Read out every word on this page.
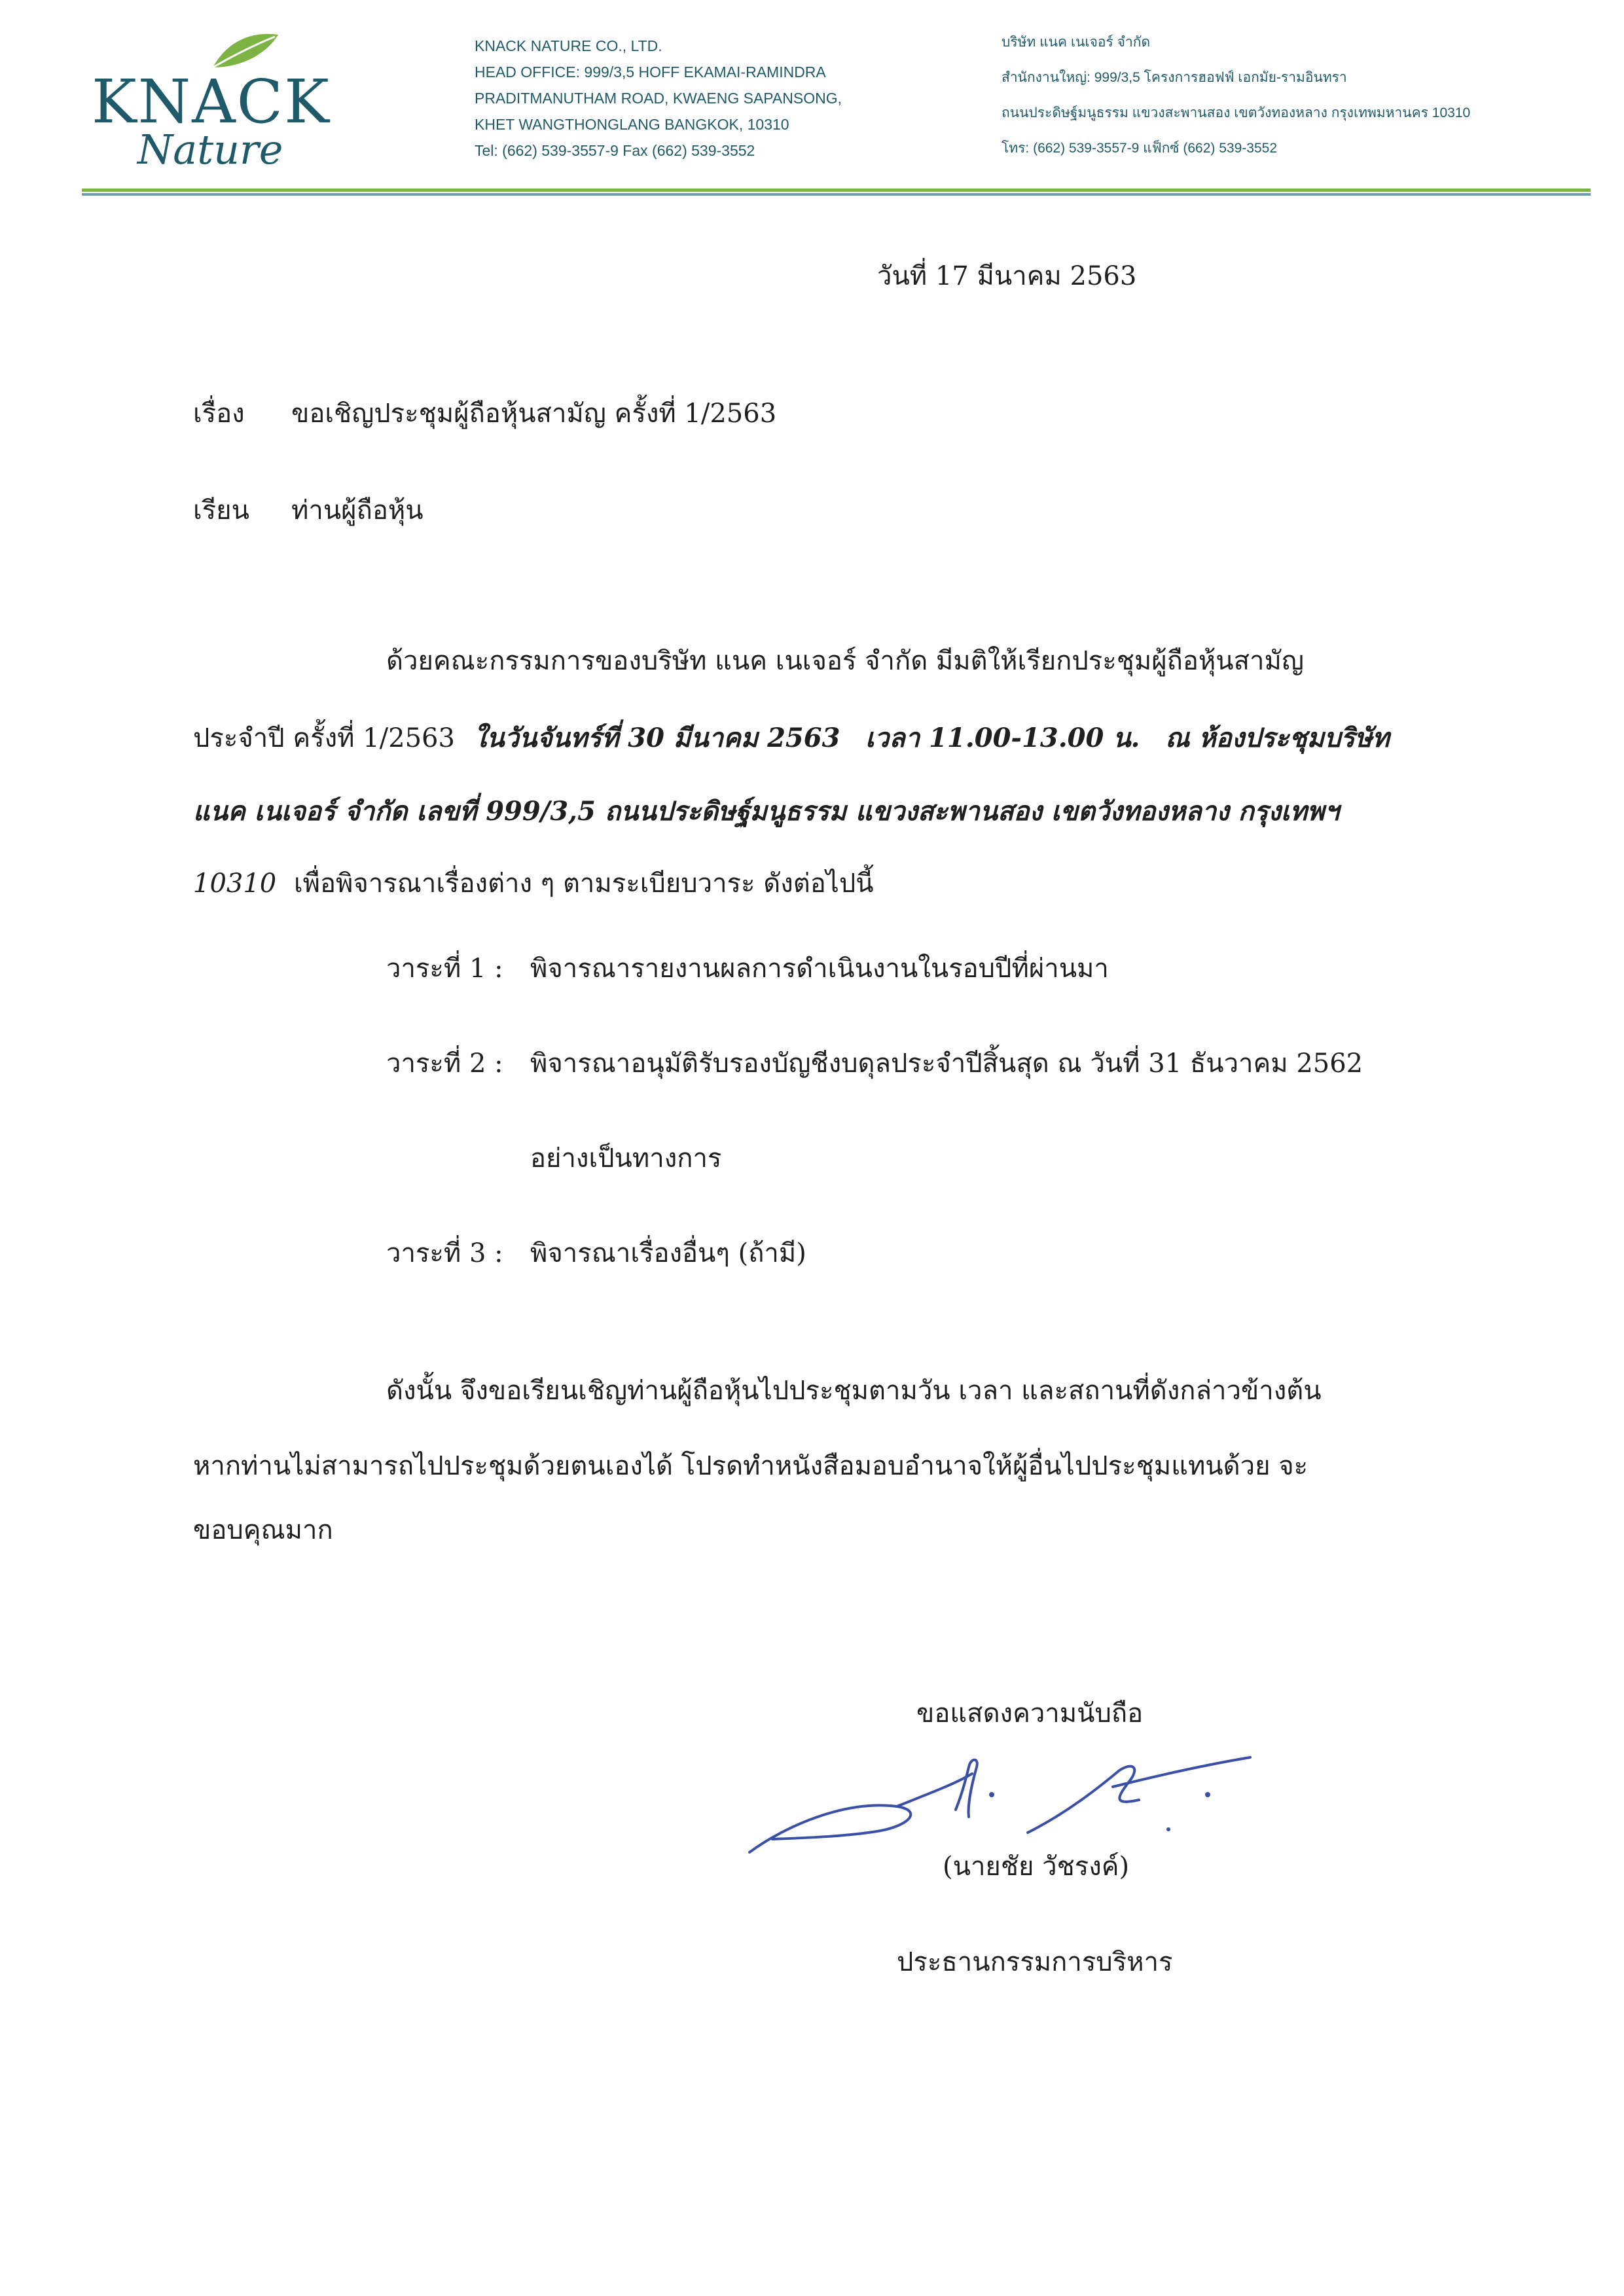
KNACK
Nature
KNACK NATURE CO., LTD.
HEAD OFFICE: 999/3,5 HOFF EKAMAI-RAMINDRA
PRADITMANUTHAM ROAD, KWAENG SAPANSONG,
KHET WANGTHONGLANG BANGKOK, 10310
Tel: (662) 539-3557-9 Fax (662) 539-3552
บริษัท แนค เนเจอร์ จำกัด
สำนักงานใหญ่: 999/3,5 โครงการฮอฟฟ์ เอกมัย-รามอินทรา
ถนนประดิษฐ์มนูธรรม แขวงสะพานสอง เขตวังทองหลาง กรุงเทพมหานคร 10310
โทร: (662) 539-3557-9 แฟ็กซ์ (662) 539-3552
วันที่ 17 มีนาคม 2563
เรื่อง ขอเชิญประชุมผู้ถือหุ้นสามัญ ครั้งที่ 1/2563
เรียน ท่านผู้ถือหุ้น
ด้วยคณะกรรมการของบริษัท แนค เนเจอร์ จำกัด มีมติให้เรียกประชุมผู้ถือหุ้นสามัญ
ประจำปี ครั้งที่ 1/2563 ในวันจันทร์ที่ 30 มีนาคม 2563 เวลา 11.00-13.00 น. ณ ห้องประชุมบริษัท
แนค เนเจอร์ จำกัด เลขที่ 999/3,5 ถนนประดิษฐ์มนูธรรม แขวงสะพานสอง เขตวังทองหลาง กรุงเทพฯ
10310 เพื่อพิจารณาเรื่องต่าง ๆ ตามระเบียบวาระ ดังต่อไปนี้
วาระที่ 1 : พิจารณารายงานผลการดำเนินงานในรอบปีที่ผ่านมา
วาระที่ 2 : พิจารณาอนุมัติรับรองบัญชีงบดุลประจำปีสิ้นสุด ณ วันที่ 31 ธันวาคม 2562
อย่างเป็นทางการ
วาระที่ 3 : พิจารณาเรื่องอื่นๆ (ถ้ามี)
ดังนั้น จึงขอเรียนเชิญท่านผู้ถือหุ้นไปประชุมตามวัน เวลา และสถานที่ดังกล่าวข้างต้น
หากท่านไม่สามารถไปประชุมด้วยตนเองได้ โปรดทำหนังสือมอบอำนาจให้ผู้อื่นไปประชุมแทนด้วย จะ
ขอบคุณมาก
ขอแสดงความนับถือ
(นายชัย วัชรงค์)
ประธานกรรมการบริหาร
